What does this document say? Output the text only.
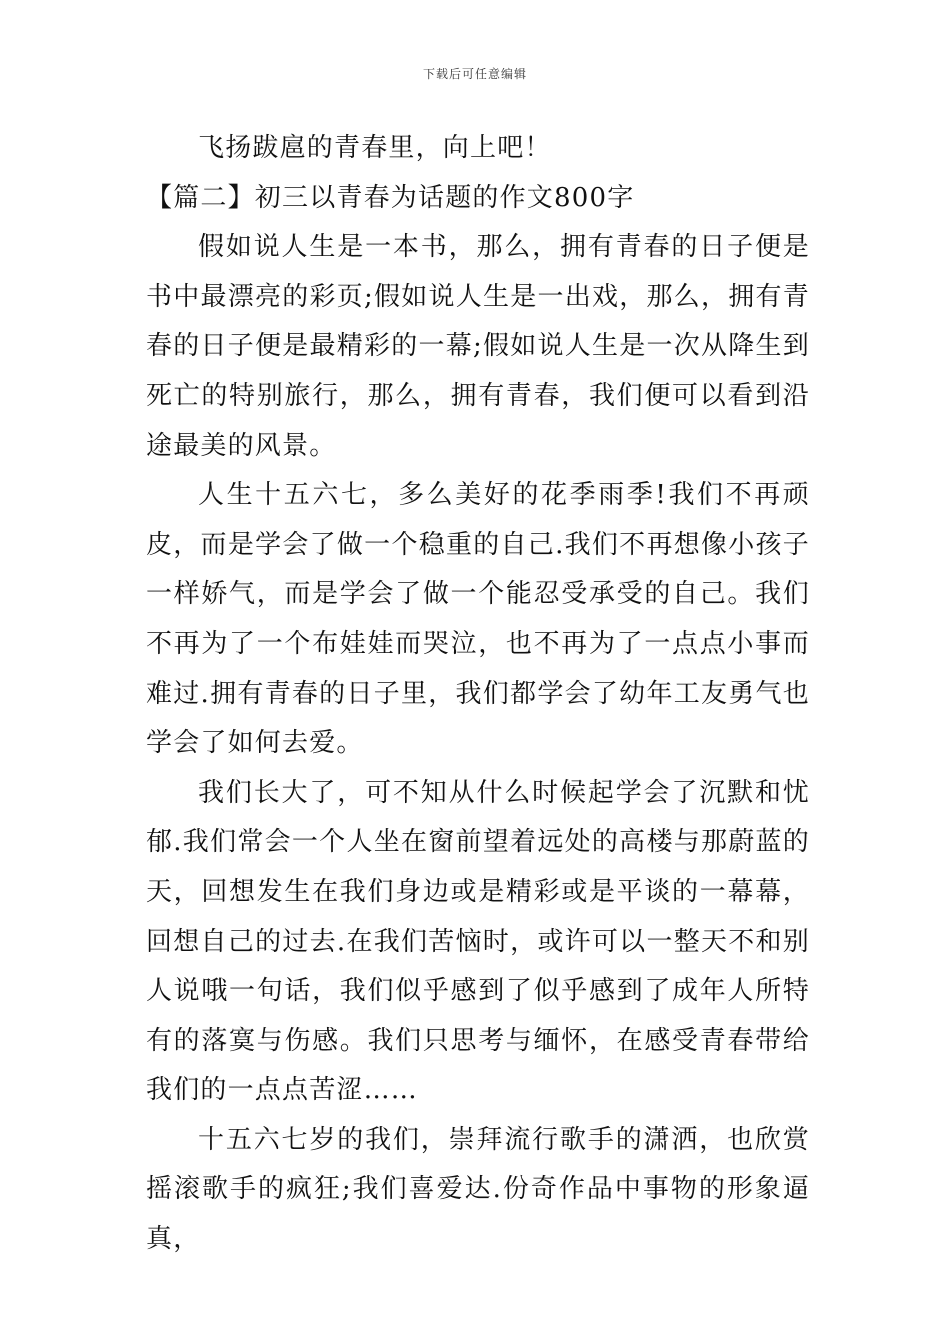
下载后可任意编辑

飞扬跋扈的青春里，向上吧！

【篇二】初三以青春为话题的作文800字

假如说人生是一本书，那么，拥有青春的日子便是书中最漂亮的彩页;假如说人生是一出戏，那么，拥有青春的日子便是最精彩的一幕;假如说人生是一次从降生到死亡的特别旅行，那么，拥有青春，我们便可以看到沿途最美的风景。

人生十五六七，多么美好的花季雨季!我们不再顽皮，而是学会了做一个稳重的自己.我们不再想像小孩子一样娇气，而是学会了做一个能忍受承受的自己。我们不再为了一个布娃娃而哭泣，也不再为了一点点小事而难过.拥有青春的日子里，我们都学会了幼年工友勇气也学会了如何去爱。

我们长大了，可不知从什么时候起学会了沉默和忧郁.我们常会一个人坐在窗前望着远处的高楼与那蔚蓝的天，回想发生在我们身边或是精彩或是平谈的一幕幕，回想自己的过去.在我们苦恼时，或许可以一整天不和别人说哦一句话，我们似乎感到了似乎感到了成年人所特有的落寞与伤感。我们只思考与缅怀，在感受青春带给我们的一点点苦涩……

十五六七岁的我们，崇拜流行歌手的潇洒，也欣赏摇滚歌手的疯狂;我们喜爱达.份奇作品中事物的形象逼真，
